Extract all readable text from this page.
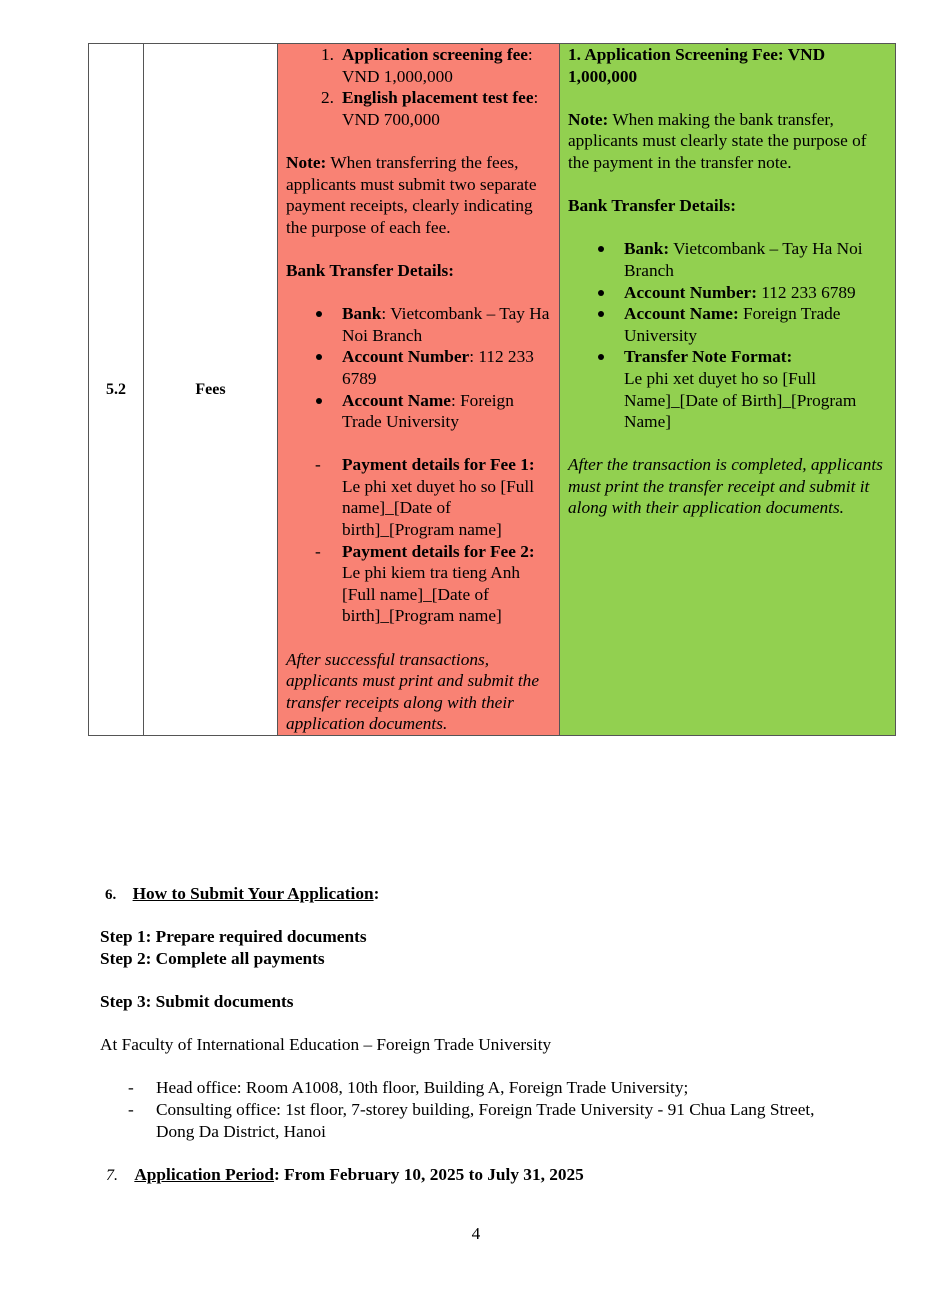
5.2	Fees	
1. Application screening fee: VND 1,000,000
2. English placement test fee: VND 700,000
Note: When transferring the fees, applicants must submit two separate payment receipts, clearly indicating the purpose of each fee.
Bank Transfer Details:
Bank: Vietcombank – Tay Ha Noi Branch
Account Number: 112 233 6789
Account Name: Foreign Trade University
-	Payment details for Fee 1:
Le phi xet duyet ho so [Full name]_[Date of birth]_[Program name]
-	Payment details for Fee 2:
Le phi kiem tra tieng Anh [Full name]_[Date of birth]_[Program name]
After successful transactions, applicants must print and submit the transfer receipts along with their application documents.

1. Application Screening Fee: VND 1,000,000
Note: When making the bank transfer, applicants must clearly state the purpose of the payment in the transfer note.
Bank Transfer Details:
Bank: Vietcombank – Tay Ha Noi Branch
Account Number: 112 233 6789
Account Name: Foreign Trade University
Transfer Note Format:
Le phi xet duyet ho so [Full Name]_[Date of Birth]_[Program Name]
After the transaction is completed, applicants must print the transfer receipt and submit it along with their application documents.
6. How to Submit Your Application:
Step 1: Prepare required documents
Step 2: Complete all payments
Step 3: Submit documents
At Faculty of International Education – Foreign Trade University
-	Head office: Room A1008, 10th floor, Building A, Foreign Trade University;
-	Consulting office: 1st floor, 7-storey building, Foreign Trade University - 91 Chua Lang Street, Dong Da District, Hanoi
7. Application Period: From February 10, 2025 to July 31, 2025
4
